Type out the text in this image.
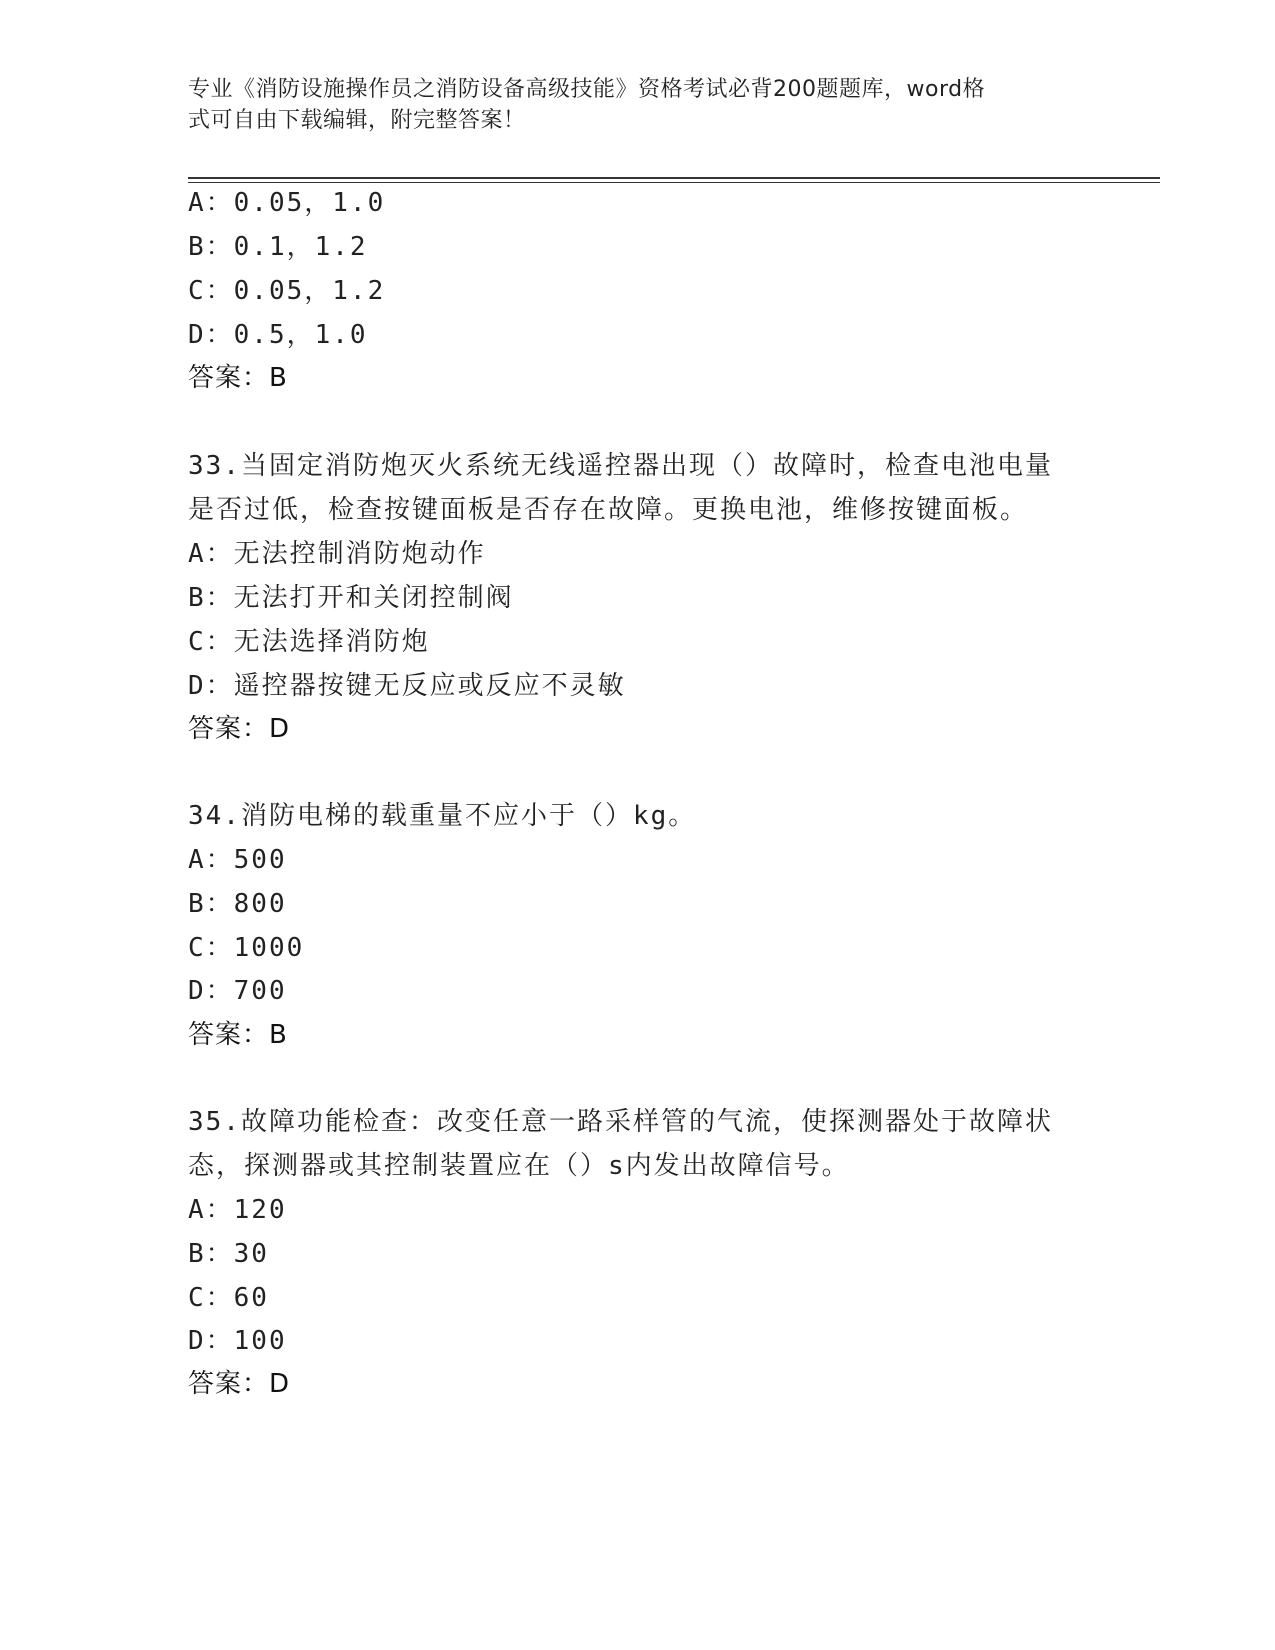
专业《消防设施操作员之消防设备高级技能》资格考试必背200题题库，word格
式可自由下载编辑，附完整答案！
A：0.05，1.0
B：0.1，1.2
C：0.05，1.2
D：0.5，1.0
答案：B
33.当固定消防炮灭火系统无线遥控器出现（）故障时，检查电池电量
是否过低，检查按键面板是否存在故障。更换电池，维修按键面板。
A：无法控制消防炮动作
B：无法打开和关闭控制阀
C：无法选择消防炮
D：遥控器按键无反应或反应不灵敏
答案：D
34.消防电梯的载重量不应小于（）kg。
A：500
B：800
C：1000
D：700
答案：B
35.故障功能检查：改变任意一路采样管的气流，使探测器处于故障状
态，探测器或其控制装置应在（）s内发出故障信号。
A：120
B：30
C：60
D：100
答案：D
